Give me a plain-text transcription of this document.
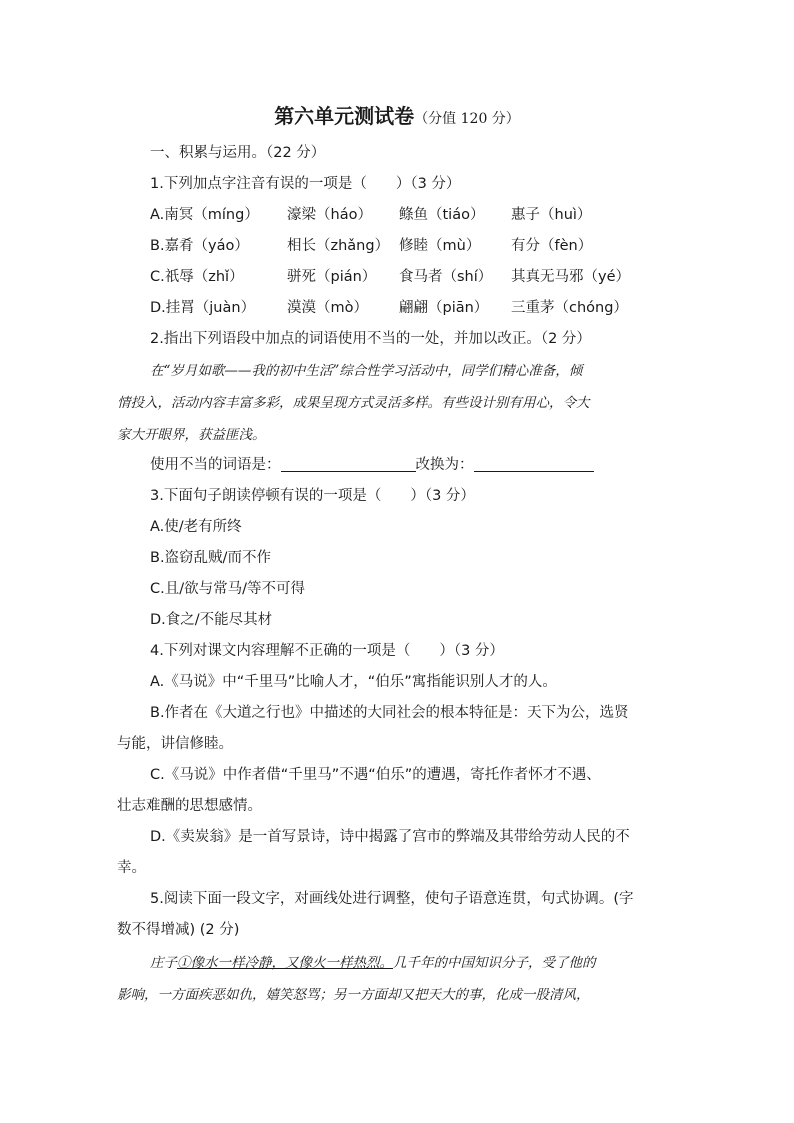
第六单元测试卷（分值 120 分）
一、积累与运用。（22 分）
1.下列加点字注音有误的一项是（　　）（3 分）
A.南冥（míng） 濠梁（háo） 鲦鱼（tiáo） 惠子（huì）
B.嘉肴（yáo）	相长（zhǎng） 修睦（mù） 有分（fèn）
C.祇辱（zhǐ）	骈死（pián） 食马者（shí） 其真无马邪（yé）
D.挂罥（juàn） 漠漠（mò） 翩翩（piān） 三重茅（chóng）
2.指出下列语段中加点的词语使用不当的一处，并加以改正。（2 分）
在“岁月如歌——我的初中生活”综合性学习活动中，同学们精心准备，倾
情投入，活动内容丰富多彩，成果呈现方式灵活多样。有些设计别有用心，令大
家大开眼界，获益匪浅。
使用不当的词语是：	改换为：
3.下面句子朗读停顿有误的一项是（　　）（3 分）
A.使/老有所终
B.盗窃乱贼/而不作
C.且/欲与常马/等不可得
D.食之/不能尽其材
4.下列对课文内容理解不正确的一项是（　　）（3 分）
A.《马说》中“千里马”比喻人才，“伯乐”寓指能识别人才的人。
B.作者在《大道之行也》中描述的大同社会的根本特征是：天下为公，选贤
与能，讲信修睦。
C.《马说》中作者借“千里马”不遇“伯乐”的遭遇，寄托作者怀才不遇、
壮志难酬的思想感情。
D.《卖炭翁》是一首写景诗，诗中揭露了宫市的弊端及其带给劳动人民的不
幸。
5.阅读下面一段文字，对画线处进行调整，使句子语意连贯，句式协调。(字
数不得增减) (2 分)
庄子①像水一样冷静，又像火一样热烈。几千年的中国知识分子，受了他的
影响，一方面疾恶如仇，嬉笑怒骂；另一方面却又把天大的事，化成一股清风，
